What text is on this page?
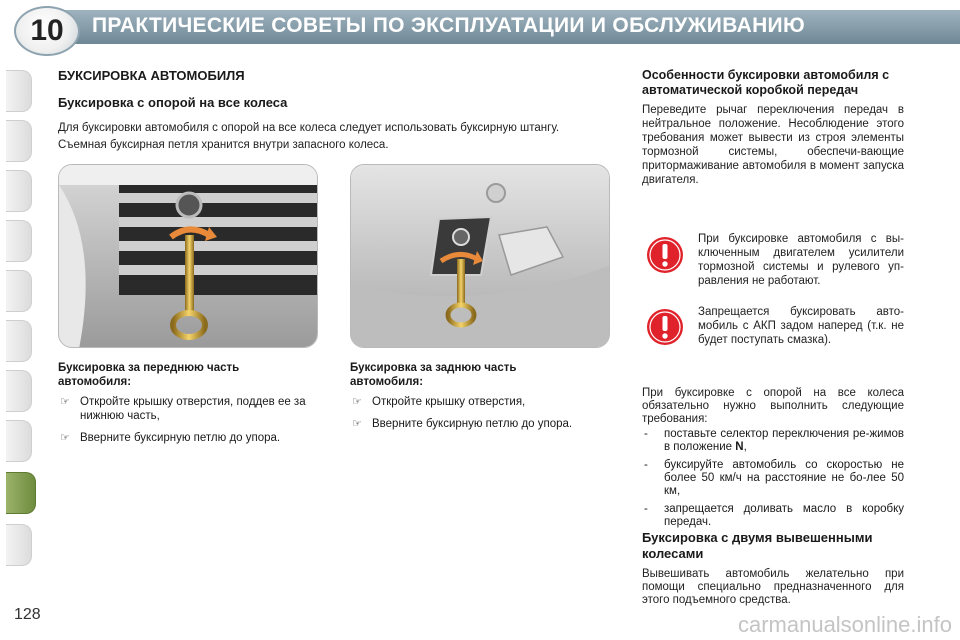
ПРАКТИЧЕСКИЕ СОВЕТЫ ПО ЭКСПЛУАТАЦИИ И ОБСЛУЖИВАНИЮ
10
БУКСИРОВКА АВТОМОБИЛЯ
Буксировка с опорой на все колеса
Для буксировки автомобиля с опорой на все колеса следует использовать буксирную штангу.
Съемная буксирная петля хранится внутри запасного колеса.
Буксировка за переднюю часть автомобиля:
☞ Откройте крышку отверстия, поддев ее за нижнюю часть,
☞ Вверните буксирную петлю до упора.
Буксировка за заднюю часть автомобиля:
☞ Откройте крышку отверстия,
☞ Вверните буксирную петлю до упора.
Особенности буксировки автомобиля с автоматической коробкой передач
Переведите рычаг переключения передач в нейтральное положение. Несоблюдение этого требования может вывести из строя элементы тормозной системы, обеспечи-вающие притормаживание автомобиля в момент запуска двигателя.
При буксировке автомобиля с вы-ключенным двигателем усилители тормозной системы и рулевого уп-равления не работают.
Запрещается буксировать авто-мобиль с АКП задом наперед (т.к. не будет поступать смазка).
При буксировке с опорой на все колеса обязательно нужно выполнить следующие требования:
- поставьте селектор переключения ре-жимов в положение N,
- буксируйте автомобиль со скоростью не более 50 км/ч на расстояние не бо-лее 50 км,
- запрещается доливать масло в коробку передач.
Буксировка с двумя вывешенными колесами
Вывешивать автомобиль желательно при помощи специально предназначенного для этого подъемного средства.
128	carmanualsonline.info
